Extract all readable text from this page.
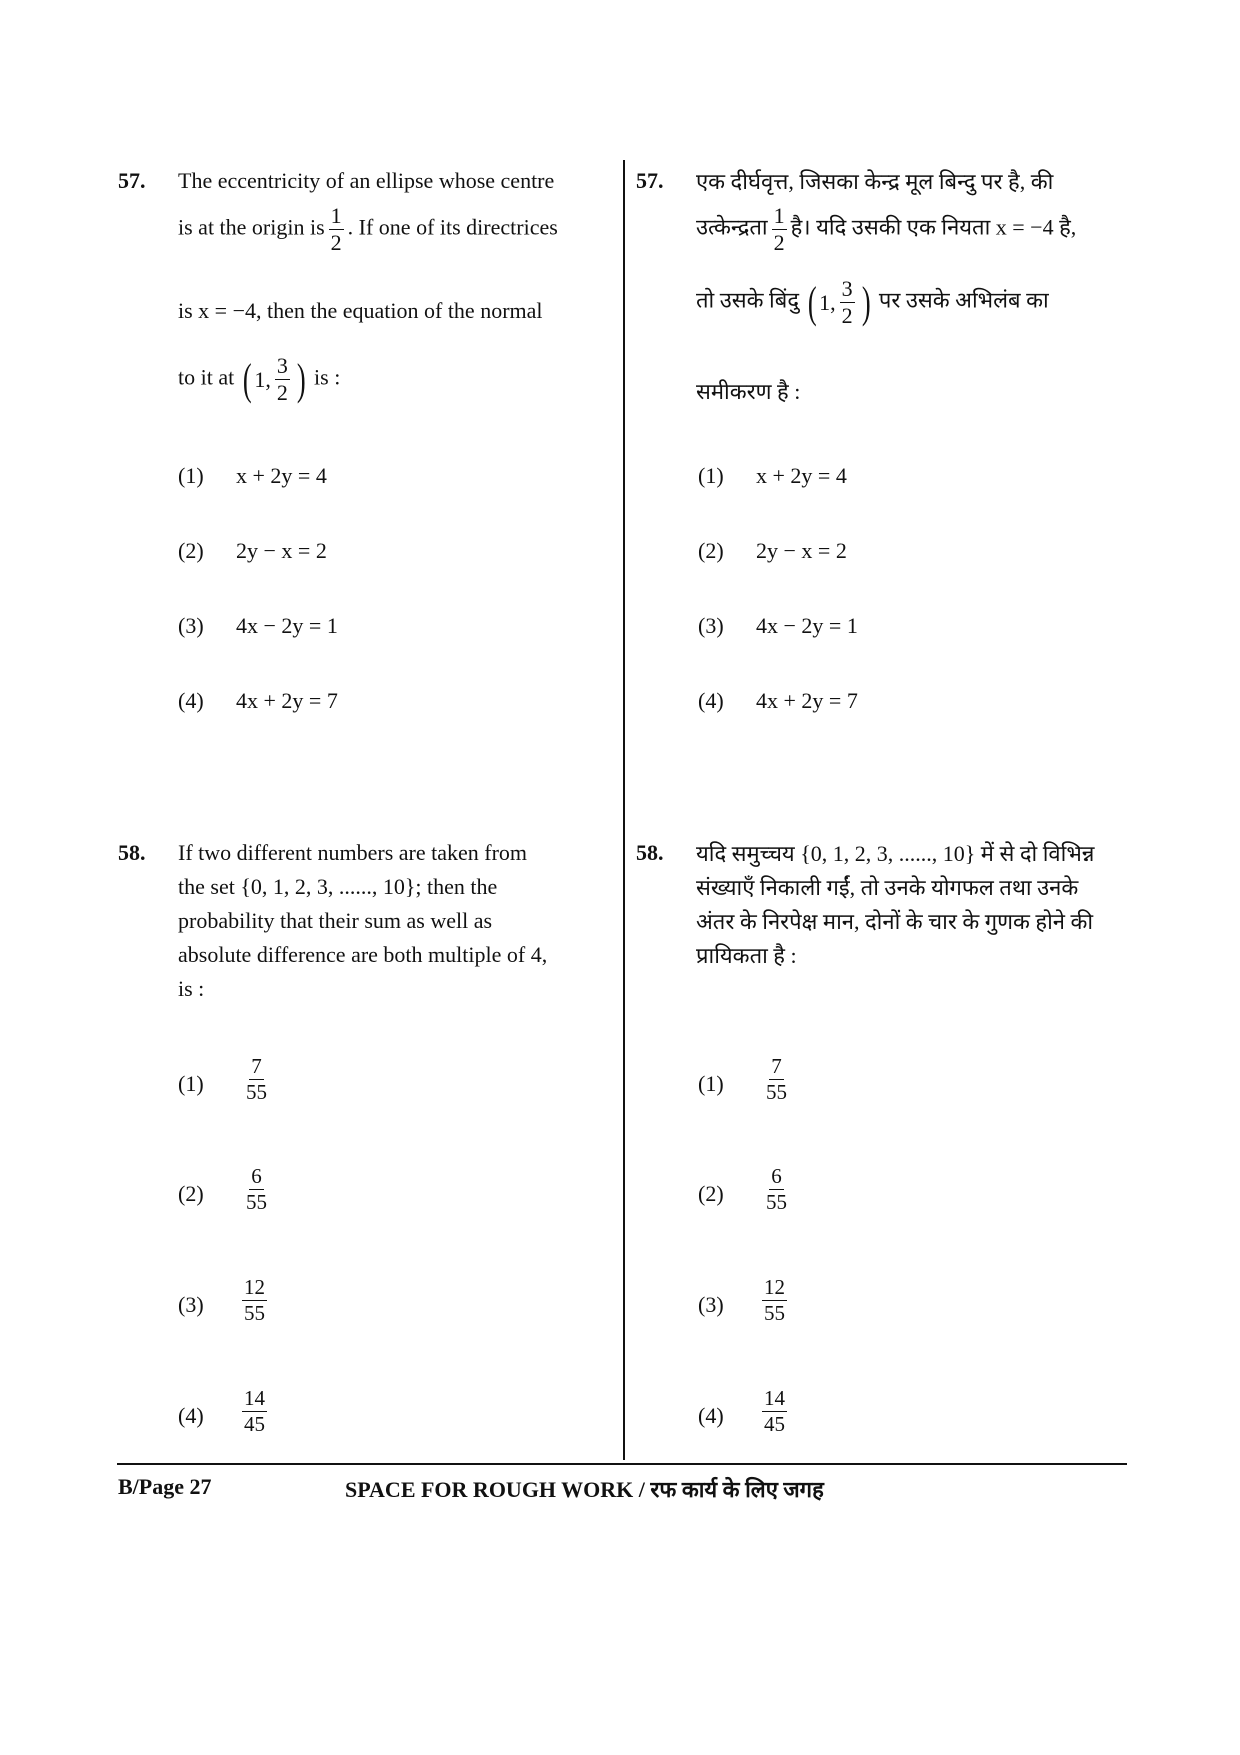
57. The eccentricity of an ellipse whose centre
is at the origin is $\frac{1}{2}$ . If one of its directrices
is x = −4, then the equation of the normal
to it at ( 1, $\frac{3}{2}$ ) is :
(1) x + 2y = 4
(2) 2y − x = 2
(3) 4x − 2y = 1
(4) 4x + 2y = 7
57. एक दीर्घवृत्त, जिसका केन्द्र मूल बिन्दु पर है, की
उत्केन्द्रता $\frac{1}{2}$ है। यदि उसकी एक नियता x = −4 है,
तो उसके बिंदु ( 1, $\frac{3}{2}$ ) पर उसके अभिलंब का
समीकरण है :
(1) x + 2y = 4
(2) 2y − x = 2
(3) 4x − 2y = 1
(4) 4x + 2y = 7
58. If two different numbers are taken from
the set {0, 1, 2, 3, ......, 10}; then the
probability that their sum as well as
absolute difference are both multiple of 4,
is :
$(1) \frac{7}{55}$
$(2) \frac{6}{55}$
$(3) \frac{12}{55}$
$(4) \frac{14}{45}$
58. यदि समुच्चय {0, 1, 2, 3, ......, 10} में से दो विभिन्न
संख्याएँ निकाली गईं, तो उनके योगफल तथा उनके
अंतर के निरपेक्ष मान, दोनों के चार के गुणक होने की
प्रायिकता है :
$(1) \frac{7}{55}$
$(2) \frac{6}{55}$
$(3) \frac{12}{55}$
$(4) \frac{14}{45}$
B/Page 27	SPACE FOR ROUGH WORK / रफ कार्य के लिए जगह
